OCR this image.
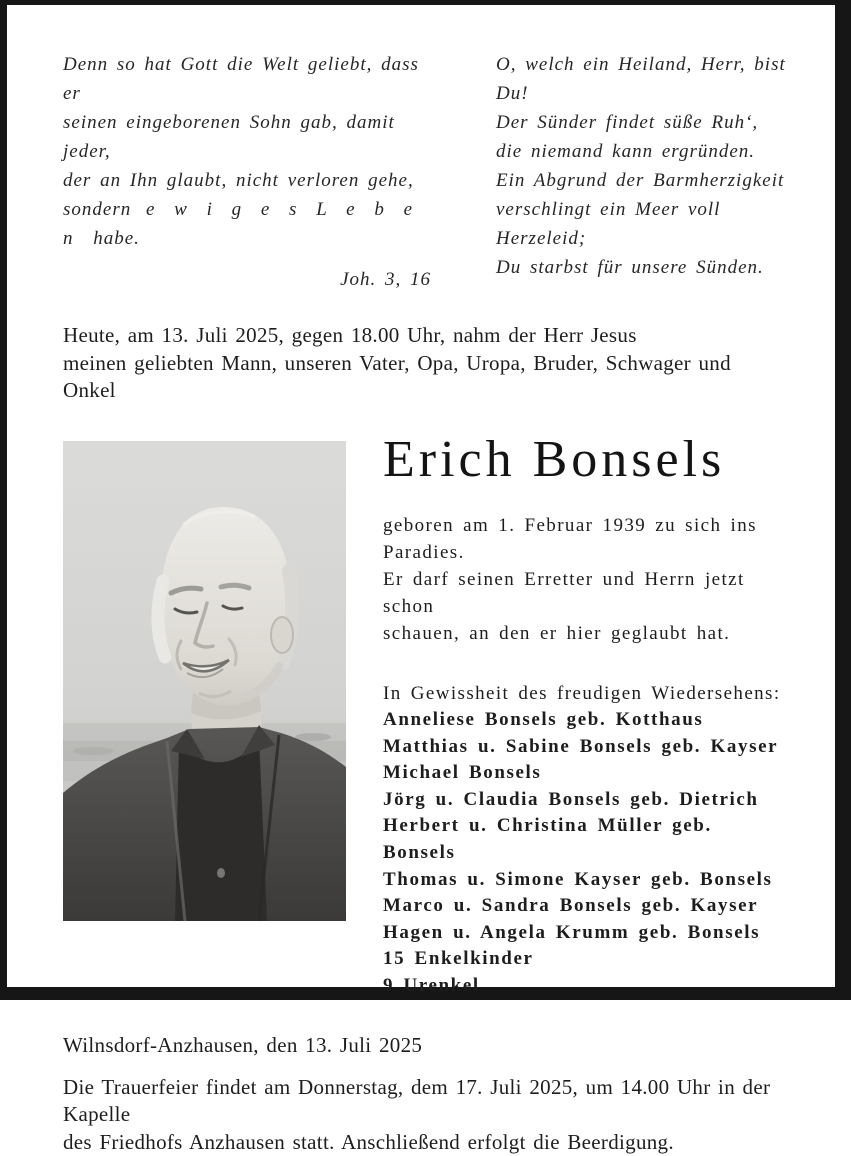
Denn so hat Gott die Welt geliebt, dass er
seinen eingeborenen Sohn gab, damit jeder,
der an Ihn glaubt, nicht verloren gehe,
sondern e w i g e s L e b e n habe.
Joh. 3, 16
O, welch ein Heiland, Herr, bist Du!
Der Sünder findet süße Ruh‘,
die niemand kann ergründen.
Ein Abgrund der Barmherzigkeit
verschlingt ein Meer voll Herzeleid;
Du starbst für unsere Sünden.
Heute, am 13. Juli 2025, gegen 18.00 Uhr, nahm der Herr Jesus
meinen geliebten Mann, unseren Vater, Opa, Uropa, Bruder, Schwager und Onkel
Erich Bonsels
geboren am 1. Februar 1939 zu sich ins Paradies.
Er darf seinen Erretter und Herrn jetzt schon
schauen, an den er hier geglaubt hat.
In Gewissheit des freudigen Wiedersehens:
Anneliese Bonsels geb. Kotthaus
Matthias u. Sabine Bonsels geb. Kayser
Michael Bonsels
Jörg u. Claudia Bonsels geb. Dietrich
Herbert u. Christina Müller geb. Bonsels
Thomas u. Simone Kayser geb. Bonsels
Marco u. Sandra Bonsels geb. Kayser
Hagen u. Angela Krumm geb. Bonsels
15 Enkelkinder
9 Urenkel
Wilnsdorf-Anzhausen, den 13. Juli 2025
Die Trauerfeier findet am Donnerstag, dem 17. Juli 2025, um 14.00 Uhr in der Kapelle
des Friedhofs Anzhausen statt. Anschließend erfolgt die Beerdigung.
